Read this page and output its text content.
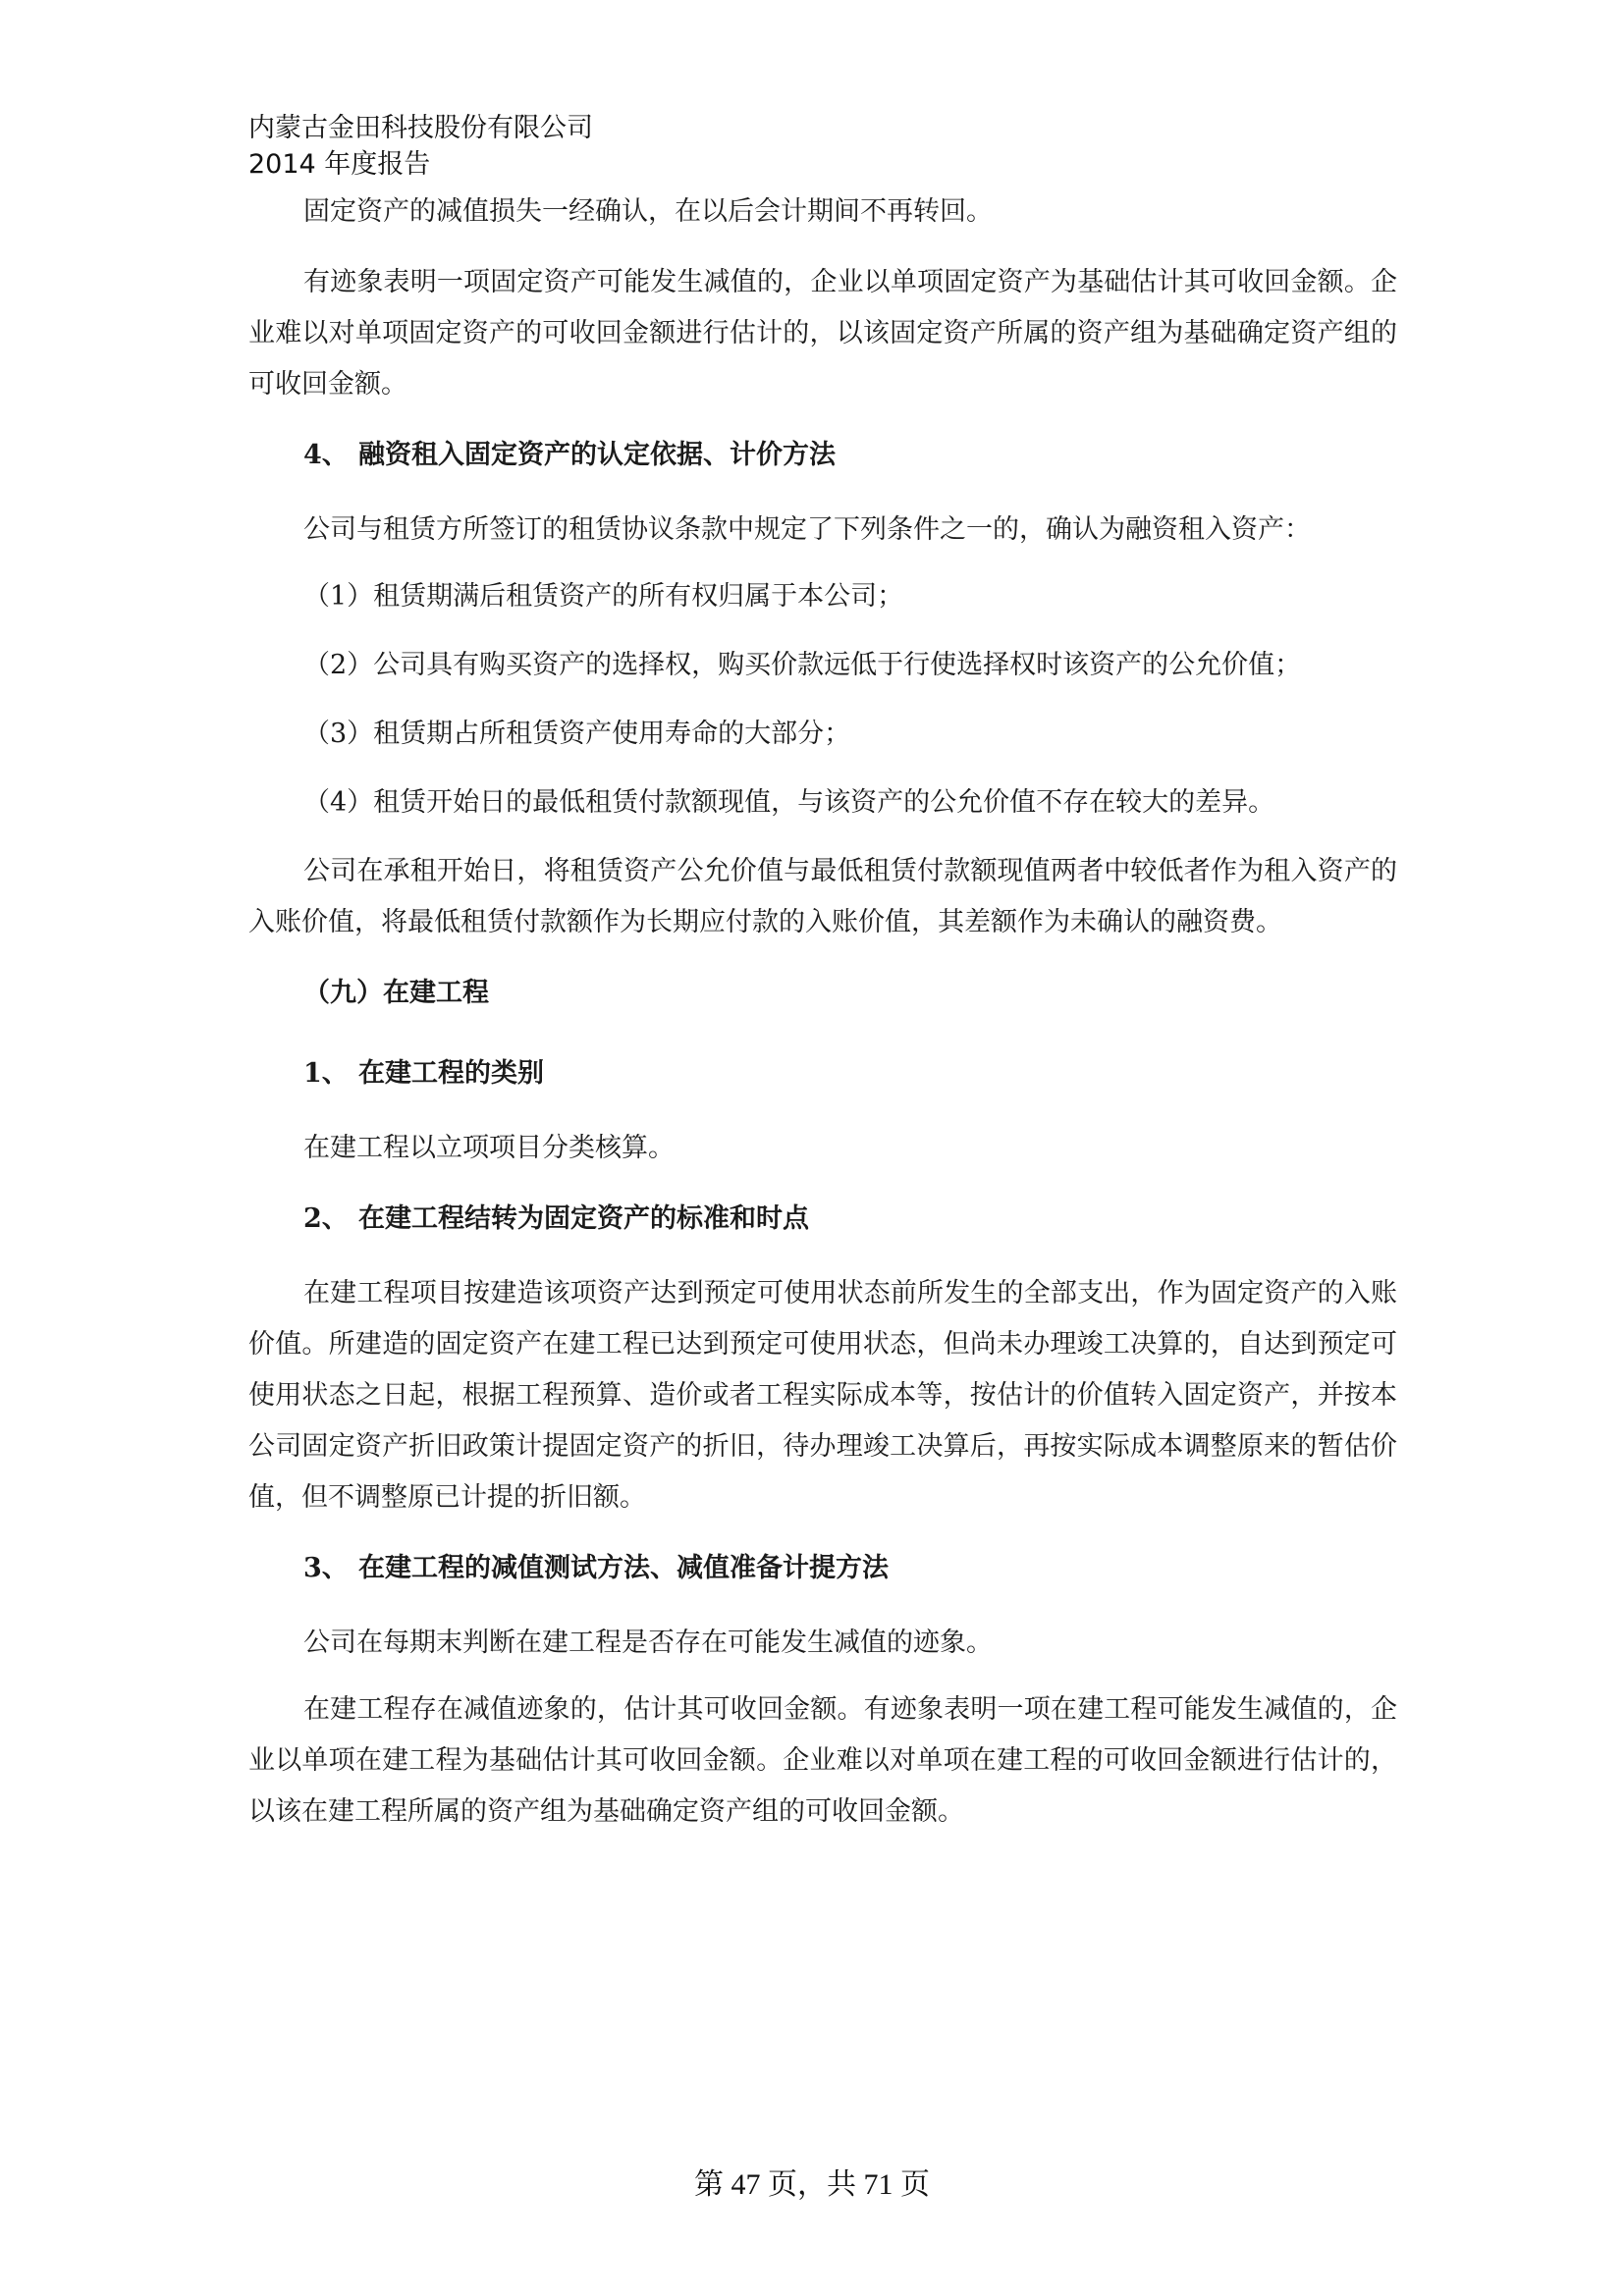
内蒙古金田科技股份有限公司
2014 年度报告

固定资产的减值损失一经确认，在以后会计期间不再转回。

有迹象表明一项固定资产可能发生减值的，企业以单项固定资产为基础估计其可收回金额。企业难以对单项固定资产的可收回金额进行估计的，以该固定资产所属的资产组为基础确定资产组的可收回金额。

4、 融资租入固定资产的认定依据、计价方法

公司与租赁方所签订的租赁协议条款中规定了下列条件之一的，确认为融资租入资产：

（1）租赁期满后租赁资产的所有权归属于本公司；
（2）公司具有购买资产的选择权，购买价款远低于行使选择权时该资产的公允价值；
（3）租赁期占所租赁资产使用寿命的大部分；
（4）租赁开始日的最低租赁付款额现值，与该资产的公允价值不存在较大的差异。

公司在承租开始日，将租赁资产公允价值与最低租赁付款额现值两者中较低者作为租入资产的入账价值，将最低租赁付款额作为长期应付款的入账价值，其差额作为未确认的融资费。

（九）在建工程
1、 在建工程的类别

在建工程以立项项目分类核算。

2、 在建工程结转为固定资产的标准和时点

在建工程项目按建造该项资产达到预定可使用状态前所发生的全部支出，作为固定资产的入账价值。所建造的固定资产在建工程已达到预定可使用状态，但尚未办理竣工决算的，自达到预定可使用状态之日起，根据工程预算、造价或者工程实际成本等，按估计的价值转入固定资产，并按本公司固定资产折旧政策计提固定资产的折旧，待办理竣工决算后，再按实际成本调整原来的暂估价值，但不调整原已计提的折旧额。

3、 在建工程的减值测试方法、减值准备计提方法

公司在每期末判断在建工程是否存在可能发生减值的迹象。

在建工程存在减值迹象的，估计其可收回金额。有迹象表明一项在建工程可能发生减值的，企业以单项在建工程为基础估计其可收回金额。企业难以对单项在建工程的可收回金额进行估计的，以该在建工程所属的资产组为基础确定资产组的可收回金额。

第 47 页，共 71 页
